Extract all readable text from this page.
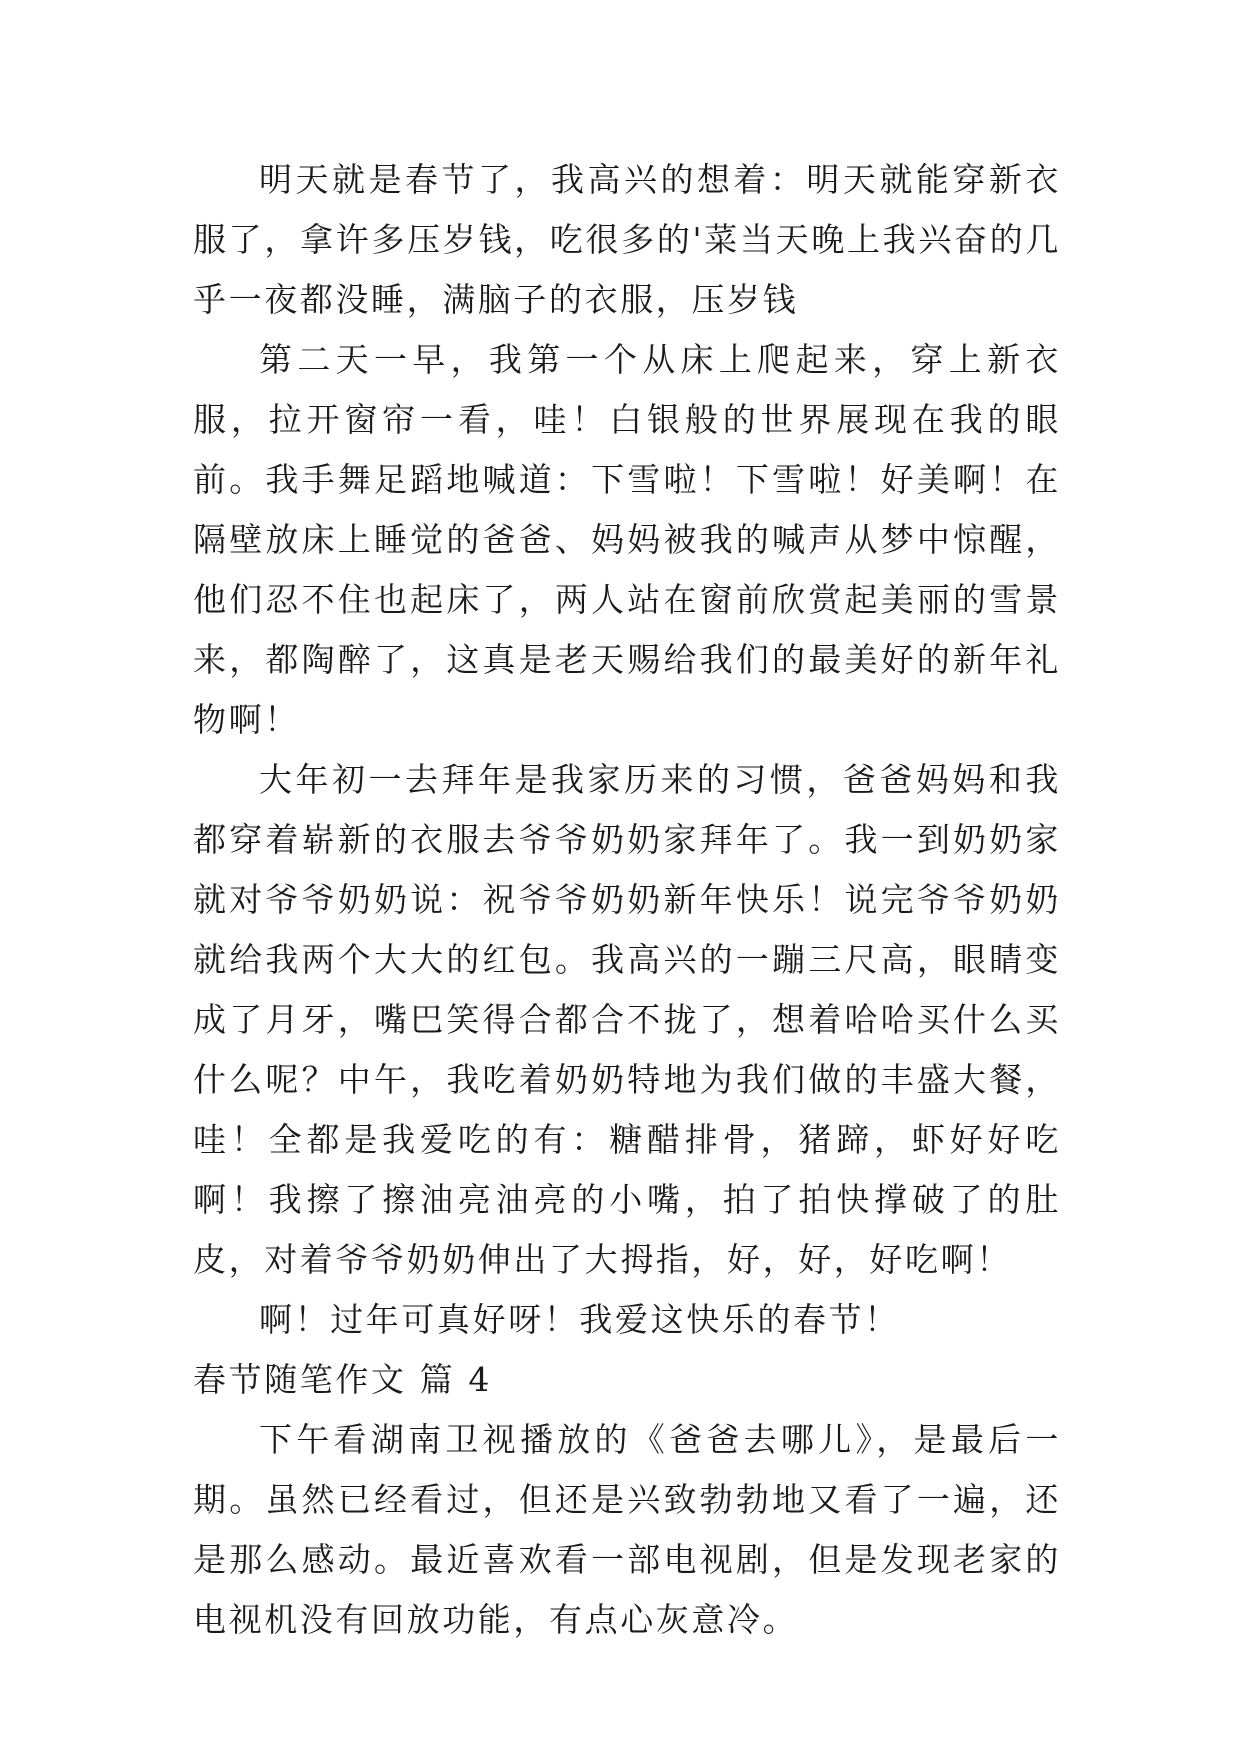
明天就是春节了，我高兴的想着：明天就能穿新衣服了，拿许多压岁钱，吃很多的'菜当天晚上我兴奋的几乎一夜都没睡，满脑子的衣服，压岁钱

第二天一早，我第一个从床上爬起来，穿上新衣服，拉开窗帘一看，哇！白银般的世界展现在我的眼前。我手舞足蹈地喊道：下雪啦！下雪啦！好美啊！在隔壁放床上睡觉的爸爸、妈妈被我的喊声从梦中惊醒，他们忍不住也起床了，两人站在窗前欣赏起美丽的雪景来，都陶醉了，这真是老天赐给我们的最美好的新年礼物啊！

大年初一去拜年是我家历来的习惯，爸爸妈妈和我都穿着崭新的衣服去爷爷奶奶家拜年了。我一到奶奶家就对爷爷奶奶说：祝爷爷奶奶新年快乐！说完爷爷奶奶就给我两个大大的红包。我高兴的一蹦三尺高，眼睛变成了月牙，嘴巴笑得合都合不拢了，想着哈哈买什么买什么呢？中午，我吃着奶奶特地为我们做的丰盛大餐，哇！全都是我爱吃的有：糖醋排骨，猪蹄，虾好好吃啊！我擦了擦油亮油亮的小嘴，拍了拍快撑破了的肚皮，对着爷爷奶奶伸出了大拇指，好，好，好吃啊！

啊！过年可真好呀！我爱这快乐的春节！

春节随笔作文 篇 4

下午看湖南卫视播放的《爸爸去哪儿》，是最后一期。虽然已经看过，但还是兴致勃勃地又看了一遍，还是那么感动。最近喜欢看一部电视剧，但是发现老家的电视机没有回放功能，有点心灰意冷。
